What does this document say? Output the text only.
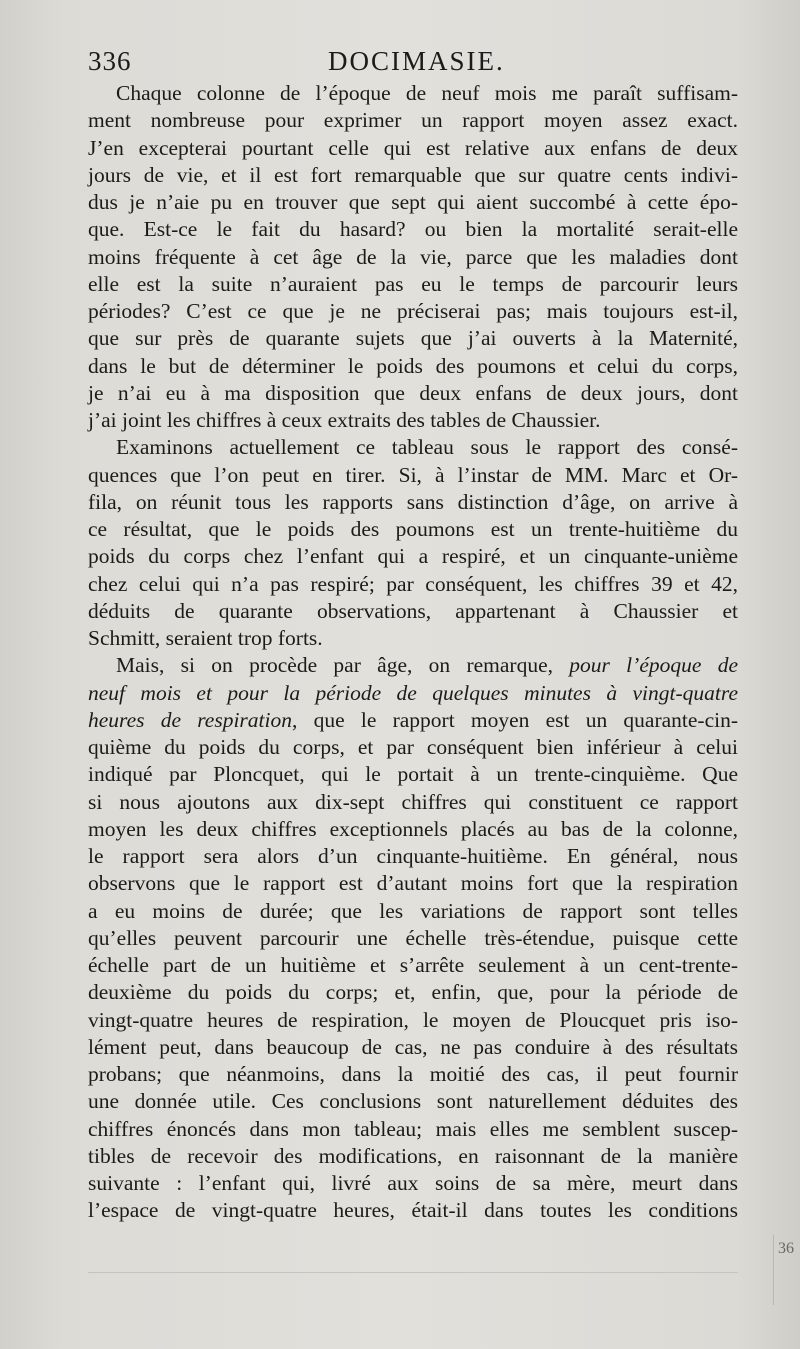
336	DOCIMASIE.
Chaque colonne de l’époque de neuf mois me paraît suffisam-
ment nombreuse pour exprimer un rapport moyen assez exact.
J’en excepterai pourtant celle qui est relative aux enfans de deux
jours de vie, et il est fort remarquable que sur quatre cents indivi-
dus je n’aie pu en trouver que sept qui aient succombé à cette épo-
que. Est-ce le fait du hasard? ou bien la mortalité serait-elle
moins fréquente à cet âge de la vie, parce que les maladies dont
elle est la suite n’auraient pas eu le temps de parcourir leurs
périodes? C’est ce que je ne préciserai pas; mais toujours est-il,
que sur près de quarante sujets que j’ai ouverts à la Maternité,
dans le but de déterminer le poids des poumons et celui du corps,
je n’ai eu à ma disposition que deux enfans de deux jours, dont
j’ai joint les chiffres à ceux extraits des tables de Chaussier.
Examinons actuellement ce tableau sous le rapport des consé-
quences que l’on peut en tirer. Si, à l’instar de MM. Marc et Or-
fila, on réunit tous les rapports sans distinction d’âge, on arrive à
ce résultat, que le poids des poumons est un trente-huitième du
poids du corps chez l’enfant qui a respiré, et un cinquante-unième
chez celui qui n’a pas respiré; par conséquent, les chiffres 39 et 42,
déduits de quarante observations, appartenant à Chaussier et
Schmitt, seraient trop forts.
Mais, si on procède par âge, on remarque, pour l’époque de
neuf mois et pour la période de quelques minutes à vingt-quatre
heures de respiration, que le rapport moyen est un quarante-cin-
quième du poids du corps, et par conséquent bien inférieur à celui
indiqué par Ploncquet, qui le portait à un trente-cinquième. Que
si nous ajoutons aux dix-sept chiffres qui constituent ce rapport
moyen les deux chiffres exceptionnels placés au bas de la colonne,
le rapport sera alors d’un cinquante-huitième. En général, nous
observons que le rapport est d’autant moins fort que la respiration
a eu moins de durée; que les variations de rapport sont telles
qu’elles peuvent parcourir une échelle très-étendue, puisque cette
échelle part de un huitième et s’arrête seulement à un cent-trente-
deuxième du poids du corps; et, enfin, que, pour la période de
vingt-quatre heures de respiration, le moyen de Ploucquet pris iso-
lément peut, dans beaucoup de cas, ne pas conduire à des résultats
probans; que néanmoins, dans la moitié des cas, il peut fournir
une donnée utile. Ces conclusions sont naturellement déduites des
chiffres énoncés dans mon tableau; mais elles me semblent suscep-
tibles de recevoir des modifications, en raisonnant de la manière
suivante : l’enfant qui, livré aux soins de sa mère, meurt dans
l’espace de vingt-quatre heures, était-il dans toutes les conditions
36
